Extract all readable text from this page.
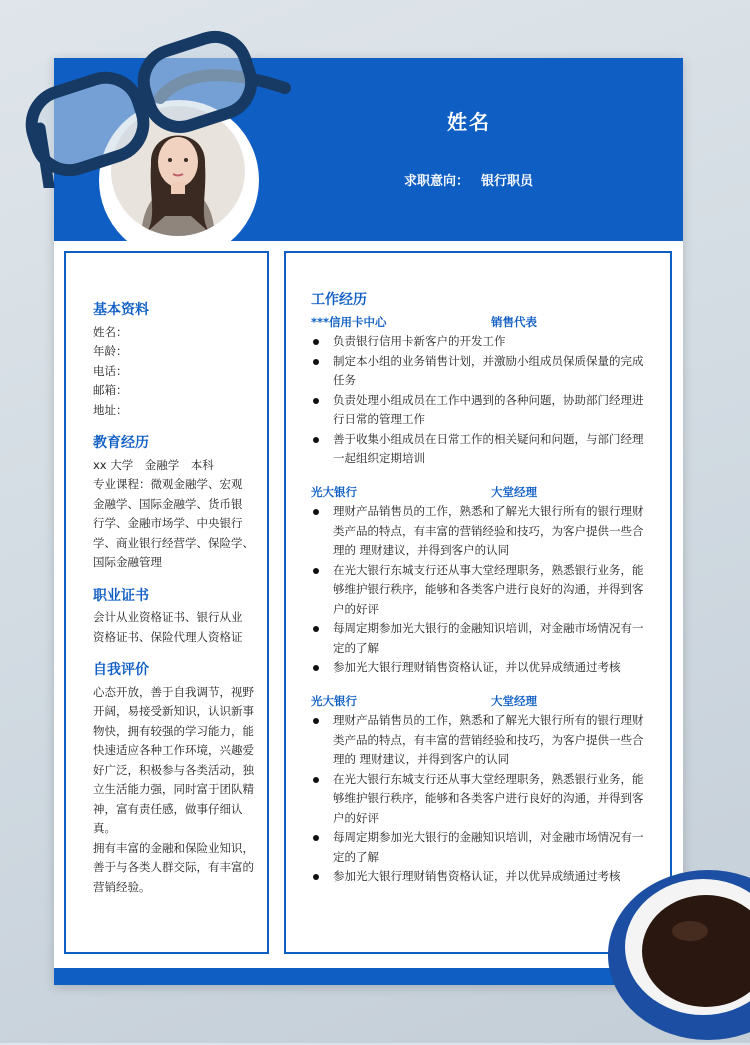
姓名
求职意向： 银行职员
基本资料

姓名：

年龄：

电话：

邮箱：

地址：

教育经历

xx 大学　金融学　本科

专业课程：微观金融学、宏观

金融学、国际金融学、货币银

行学、金融市场学、中央银行

学、商业银行经营学、保险学、

国际金融管理

职业证书

会计从业资格证书、银行从业

资格证书、保险代理人资格证

自我评价

心态开放，善于自我调节，视野

开阔，易接受新知识，认识新事

物快，拥有较强的学习能力，能

快速适应各种工作环境，兴趣爱

好广泛，积极参与各类活动，独

立生活能力强，同时富于团队精

神，富有责任感，做事仔细认真。

拥有丰富的金融和保险业知识，

善于与各类人群交际，有丰富的

营销经验。

工作经历
***信用卡中心	销售代表
负责银行信用卡新客户的开发工作
制定本小组的业务销售计划，并激励小组成员保质保量的完成任务
负责处理小组成员在工作中遇到的各种问题，协助部门经理进行日常的管理工作
善于收集小组成员在日常工作的相关疑问和问题，与部门经理一起组织定期培训
光大银行	大堂经理
理财产品销售员的工作，熟悉和了解光大银行所有的银行理财类产品的特点，有丰富的营销经验和技巧，为客户提供一些合理的 理财建议，并得到客户的认同
在光大银行东城支行还从事大堂经理职务，熟悉银行业务，能够维护银行秩序，能够和各类客户进行良好的沟通，并得到客户的好评
每周定期参加光大银行的金融知识培训，对金融市场情况有一定的了解
参加光大银行理财销售资格认证，并以优异成绩通过考核
光大银行	大堂经理
理财产品销售员的工作，熟悉和了解光大银行所有的银行理财类产品的特点，有丰富的营销经验和技巧，为客户提供一些合理的 理财建议，并得到客户的认同
在光大银行东城支行还从事大堂经理职务，熟悉银行业务，能够维护银行秩序，能够和各类客户进行良好的沟通，并得到客户的好评
每周定期参加光大银行的金融知识培训，对金融市场情况有一定的了解
参加光大银行理财销售资格认证，并以优异成绩通过考核
